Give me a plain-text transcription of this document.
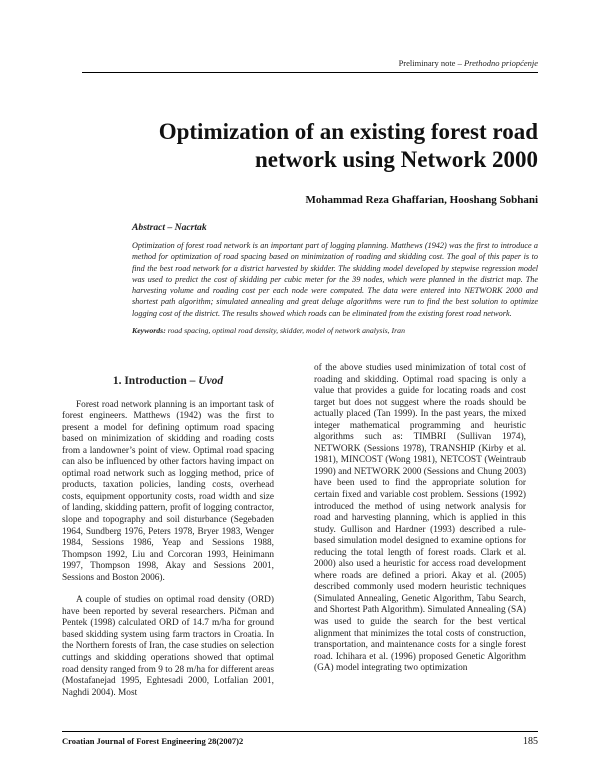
Preliminary note – Prethodno priopćenje
Optimization of an existing forest road network using Network 2000
Mohammad Reza Ghaffarian, Hooshang Sobhani
Abstract – Nacrtak

Optimization of forest road network is an important part of logging planning. Matthews (1942) was the first to introduce a method for optimization of road spacing based on minimization of roading and skidding cost. The goal of this paper is to find the best road network for a district harvested by skidder. The skidding model developed by stepwise regression model was used to predict the cost of skidding per cubic meter for the 39 nodes, which were planned in the district map. The harvesting volume and roading cost per each node were computed. The data were entered into NETWORK 2000 and shortest path algorithm; simulated annealing and great deluge algorithms were run to find the best solution to optimize logging cost of the district. The results showed which roads can be eliminated from the existing forest road network.

Keywords: road spacing, optimal road density, skidder, model of network analysis, Iran
1. Introduction – Uvod

Forest road network planning is an important task of forest engineers. Matthews (1942) was the first to present a model for defining optimum road spacing based on minimization of skidding and roading costs from a landowner’s point of view. Optimal road spacing can also be influenced by other factors having impact on optimal road network such as logging method, price of products, taxation policies, landing costs, overhead costs, equipment opportunity costs, road width and size of landing, skidding pattern, profit of logging contractor, slope and topography and soil disturbance (Segebaden 1964, Sundberg 1976, Peters 1978, Bryer 1983, Wenger 1984, Sessions 1986, Yeap and Sessions 1988, Thompson 1992, Liu and Corcoran 1993, Heinimann 1997, Thompson 1998, Akay and Sessions 2001, Sessions and Boston 2006).

A couple of studies on optimal road density (ORD) have been reported by several researchers. Pičman and Pentek (1998) calculated ORD of 14.7 m/ha for ground based skidding system using farm tractors in Croatia. In the Northern forests of Iran, the case studies on selection cuttings and skidding operations showed that optimal road density ranged from 9 to 28 m/ha for different areas (Mostafanejad 1995, Eghtesadi 2000, Lotfalian 2001, Naghdi 2004). Most

of the above studies used minimization of total cost of roading and skidding. Optimal road spacing is only a value that provides a guide for locating roads and cost target but does not suggest where the roads should be actually placed (Tan 1999). In the past years, the mixed integer mathematical programming and heuristic algorithms such as: TIMBRI (Sullivan 1974), NETWORK (Sessions 1978), TRANSHIP (Kirby et al. 1981), MINCOST (Wong 1981), NETCOST (Weintraub 1990) and NETWORK 2000 (Sessions and Chung 2003) have been used to find the appropriate solution for certain fixed and variable cost problem. Sessions (1992) introduced the method of using network analysis for road and harvesting planning, which is applied in this study. Gullison and Hardner (1993) described a rule-based simulation model designed to examine options for reducing the total length of forest roads. Clark et al. 2000) also used a heuristic for access road development where roads are defined a priori. Akay et al. (2005) described commonly used modern heuristic techniques (Simulated Annealing, Genetic Algorithm, Tabu Search, and Shortest Path Algorithm). Simulated Annealing (SA) was used to guide the search for the best vertical alignment that minimizes the total costs of construction, transportation, and maintenance costs for a single forest road. Ichihara et al. (1996) proposed Genetic Algorithm (GA) model integrating two optimization

Croatian Journal of Forest Engineering 28(2007)2	185
